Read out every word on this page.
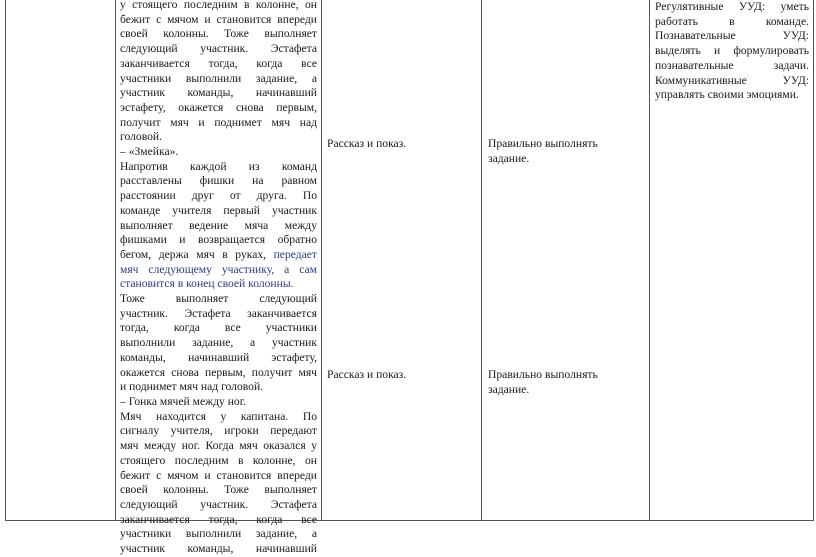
у стоящего последним в колонне, он
бежит с мячом и становится впереди
своей колонны. Тоже выполняет
следующий участник. Эстафета
заканчивается тогда, когда все
участники выполнили задание, а
участник команды, начинавший
эстафету, окажется снова первым,
получит мяч и поднимет мяч над
головой.
– «Змейка».
Напротив каждой из команд
расставлены фишки на равном
расстоянии друг от друга. По
команде учителя первый участник
выполняет ведение мяча между
фишками и возвращается обратно
бегом, держа мяч в руках, передает
мяч следующему участнику, а сам
становится в конец своей колонны.
Тоже выполняет следующий
участник. Эстафета заканчивается
тогда, когда все участники
выполнили задание, а участник
команды, начинавший эстафету,
окажется снова первым, получит мяч
и поднимет мяч над головой.
– Гонка мячей между ног.
Мяч находится у капитана. По
сигналу учителя, игроки передают
мяч между ног. Когда мяч оказался у
стоящего последним в колонне, он
бежит с мячом и становится впереди
своей колонны. Тоже выполняет
следующий участник. Эстафета
заканчивается тогда, когда все
участники выполнили задание, а
участник команды, начинавший
Рассказ и показ.
Рассказ и показ.
Правильно выполнять
задание.
Правильно выполнять
задание.
Регулятивные УУД: уметь
работать в команде.
Познавательные УУД:
выделять и формулировать
познавательные задачи.
Коммуникативные УУД:
управлять своими эмоциями.
